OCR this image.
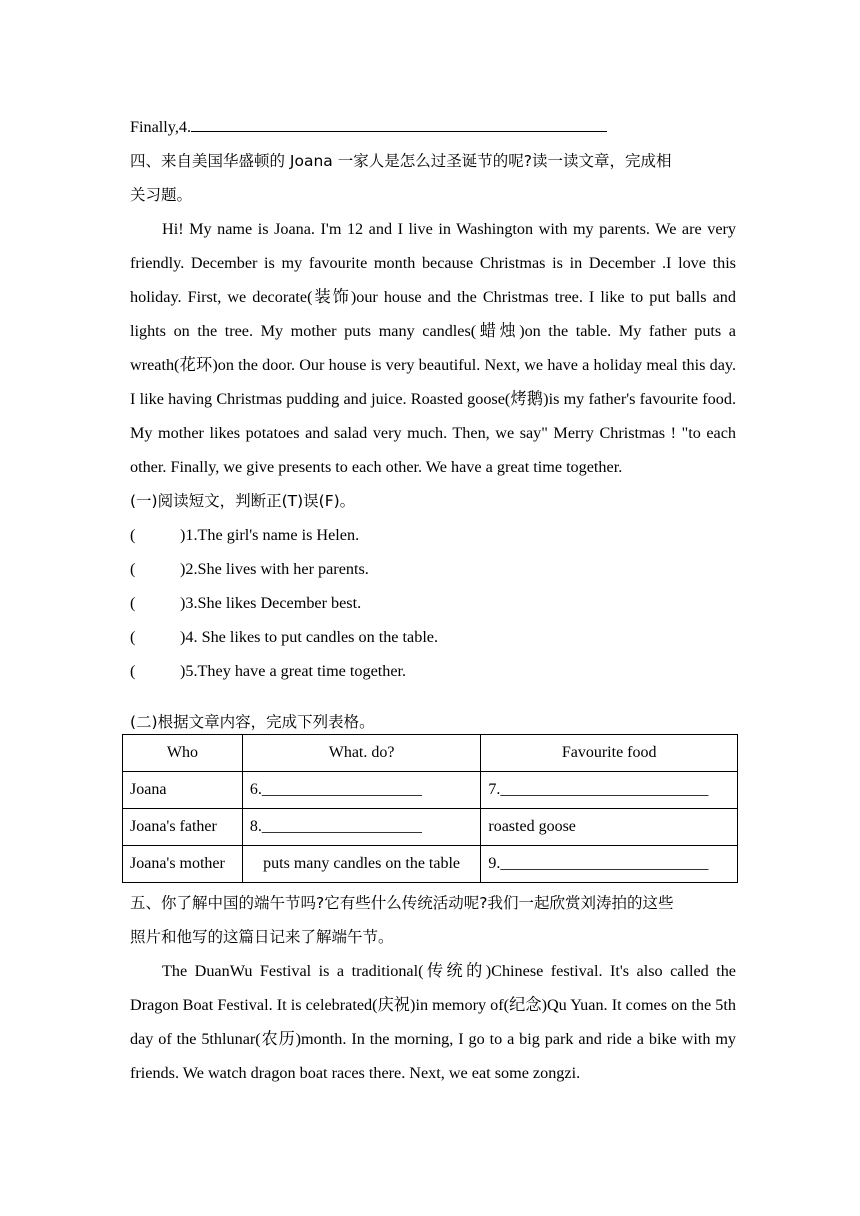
Finally,4.
四、来自美国华盛顿的 Joana 一家人是怎么过圣诞节的呢?读一读文章，完成相
关习题。

Hi! My name is Joana. I'm 12 and I live in Washington with my parents. We are very friendly. December is my favourite month because Christmas is in December .I love this holiday. First, we decorate(装饰)our house and the Christmas tree. I like to put balls and lights on the tree. My mother puts many candles(蜡烛)on the table. My father puts a wreath(花环)on the door. Our house is very beautiful. Next, we have a holiday meal this day. I like having Christmas pudding and juice. Roasted goose(烤鹅)is my father's favourite food. My mother likes potatoes and salad very much. Then, we say" Merry Christmas ! "to each other. Finally, we give presents to each other. We have a great time together.

(一)阅读短文，判断正(T)误(F)。
(	)1.The girl's name is Helen.
(	)2.She lives with her parents.
(	)3.She likes December best.
(	)4. She likes to put candles on the table.
(	)5.They have a great time together.
(二)根据文章内容，完成下列表格。
Who	What. do?	Favourite food
Joana	6.____________________	7.__________________________
Joana's father	8.____________________	roasted goose
Joana's mother	puts many candles on the table	9.__________________________
五、你了解中国的端午节吗?它有些什么传统活动呢?我们一起欣赏刘涛拍的这些
照片和他写的这篇日记来了解端午节。

The DuanWu Festival is a traditional(传统的)Chinese festival. It's also called the Dragon Boat Festival. It is celebrated(庆祝)in memory of(纪念)Qu Yuan. It comes on the 5th day of the 5thlunar(农历)month. In the morning, I go to a big park and ride a bike with my friends. We watch dragon boat races there. Next, we eat some zongzi.
